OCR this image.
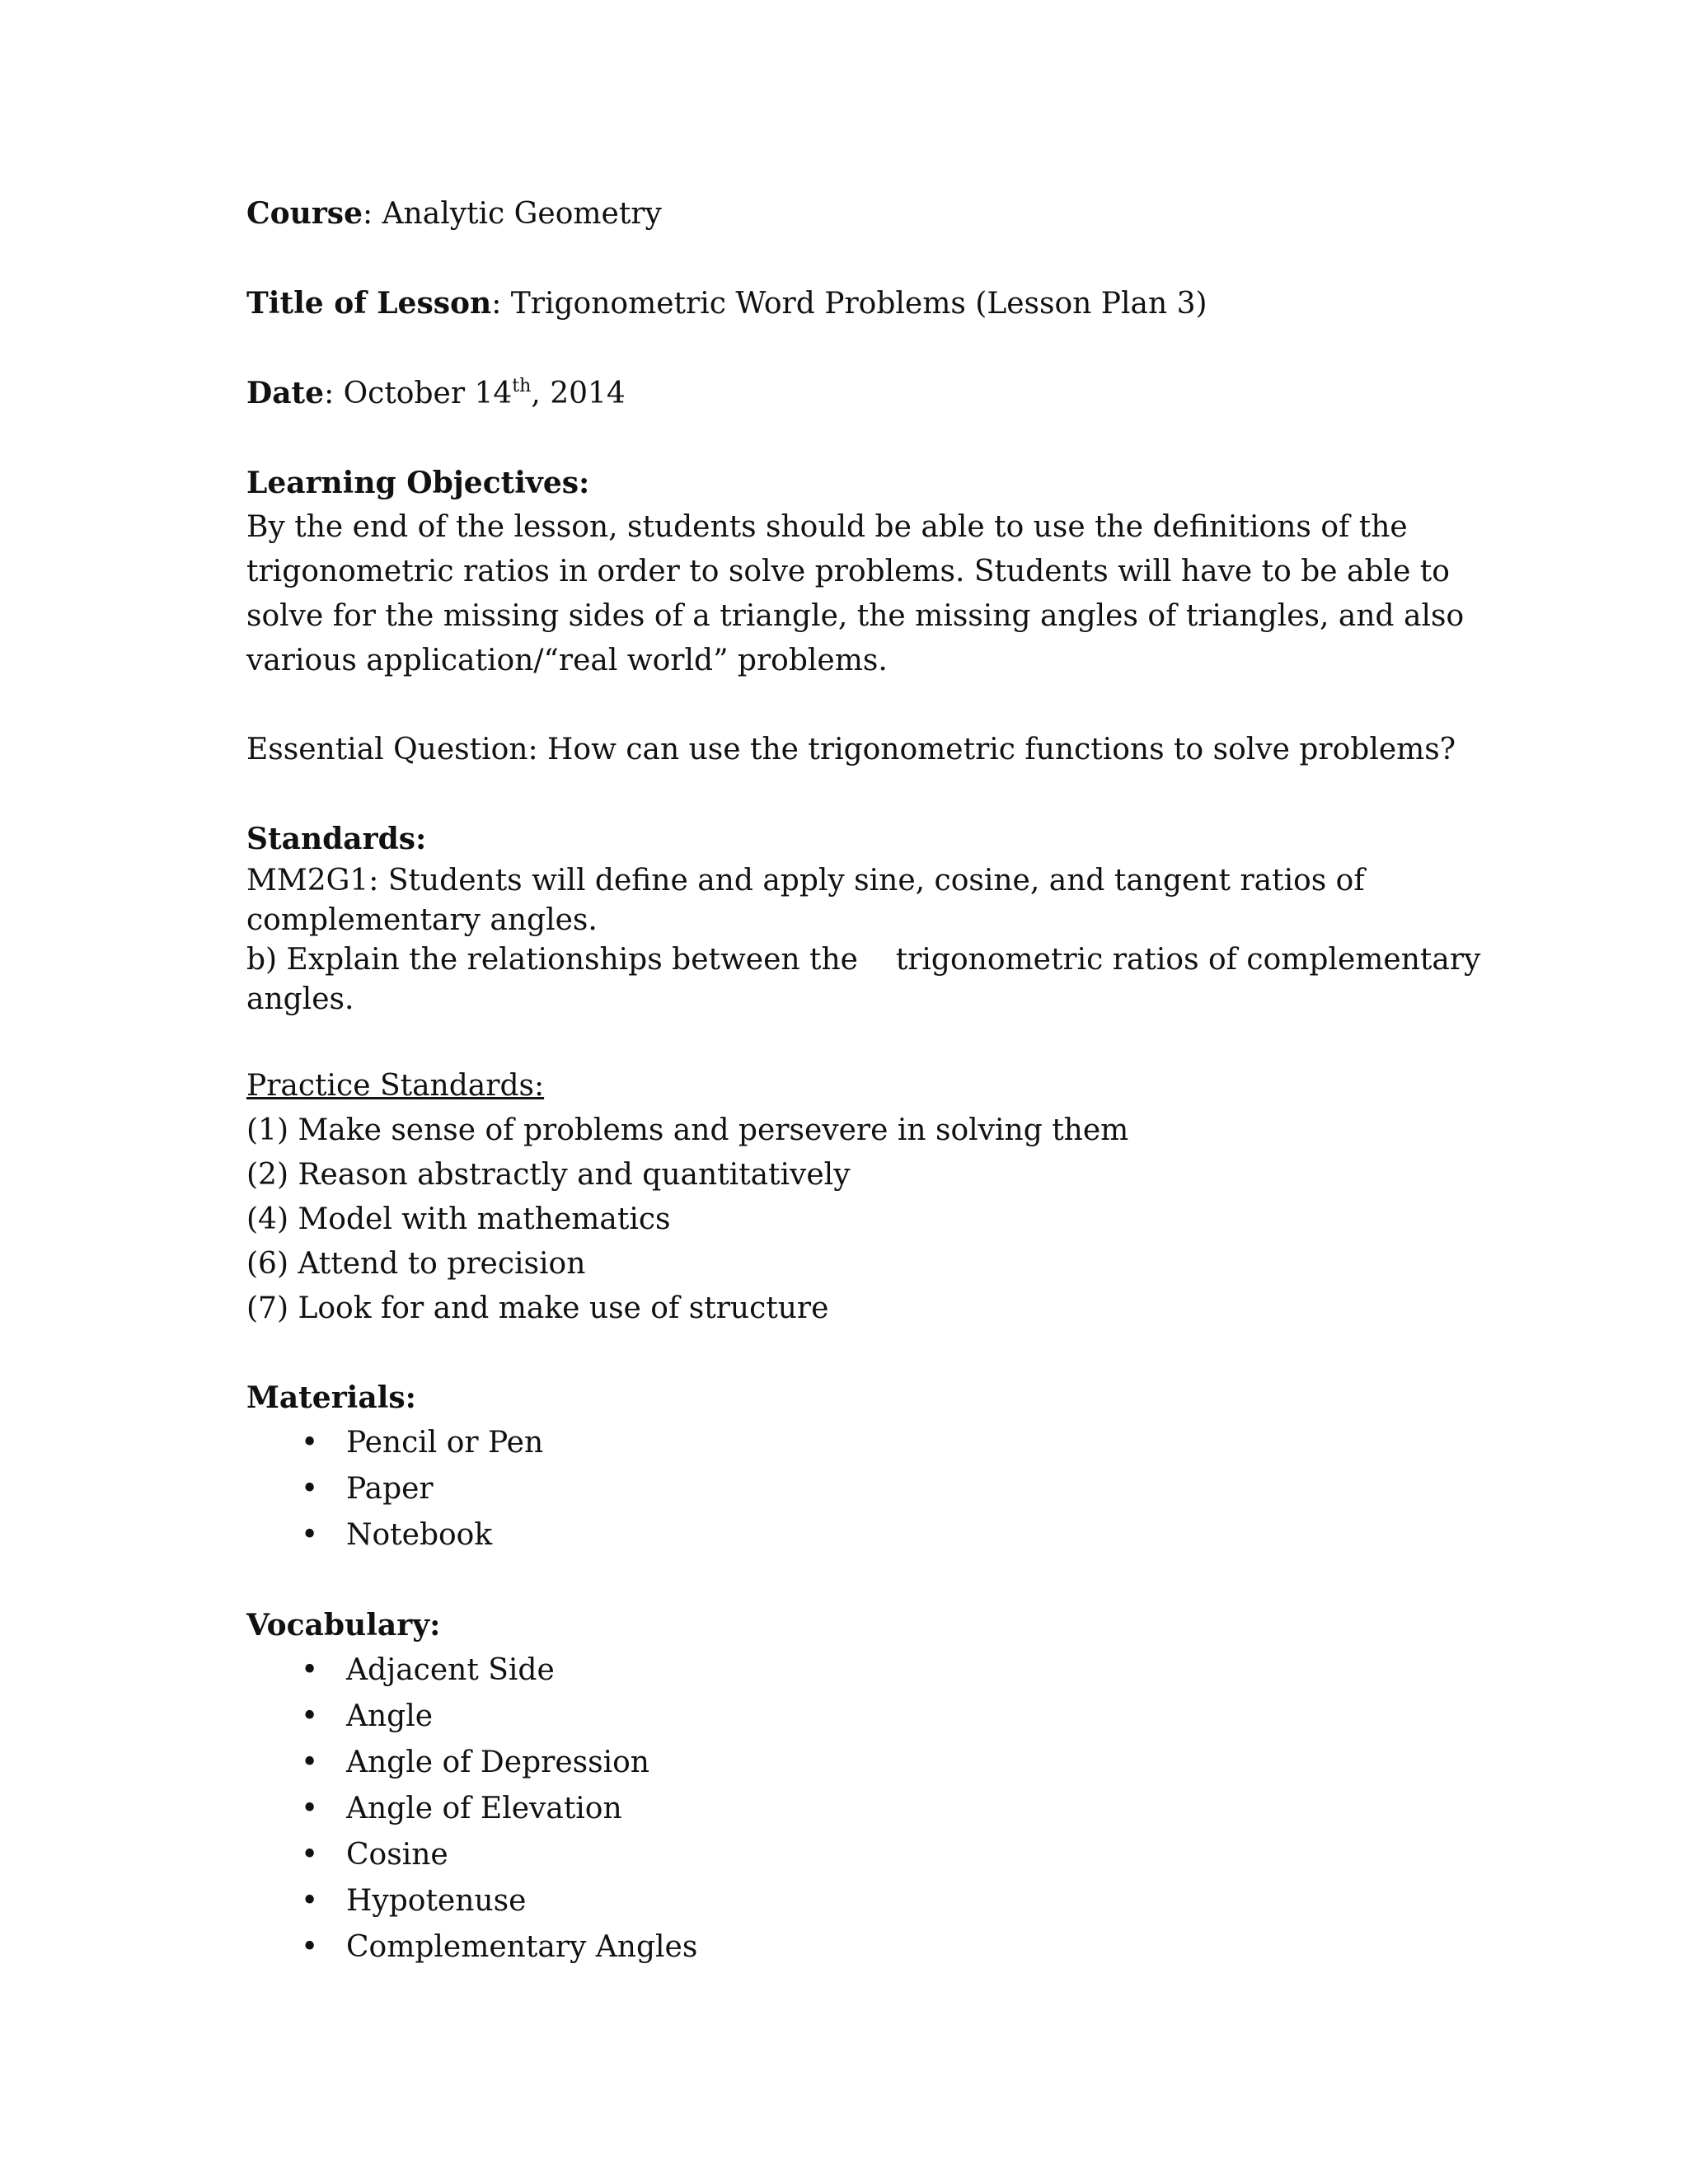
Course: Analytic Geometry

Title of Lesson: Trigonometric Word Problems (Lesson Plan 3)

Date: October 14th, 2014

Learning Objectives:

By the end of the lesson, students should be able to use the definitions of the

trigonometric ratios in order to solve problems. Students will have to be able to

solve for the missing sides of a triangle, the missing angles of triangles, and also

various application/“real world” problems.

Essential Question: How can use the trigonometric functions to solve problems?

Standards:

MM2G1: Students will define and apply sine, cosine, and tangent ratios of

complementary angles.

b) Explain the relationships between the    trigonometric ratios of complementary

angles.

Practice Standards:

(1) Make sense of problems and persevere in solving them

(2) Reason abstractly and quantitatively

(4) Model with mathematics

(6) Attend to precision

(7) Look for and make use of structure

Materials:

• Pencil or Pen
• Paper
• Notebook

Vocabulary:

• Adjacent Side
• Angle
• Angle of Depression
• Angle of Elevation
• Cosine
• Hypotenuse
• Complementary Angles
